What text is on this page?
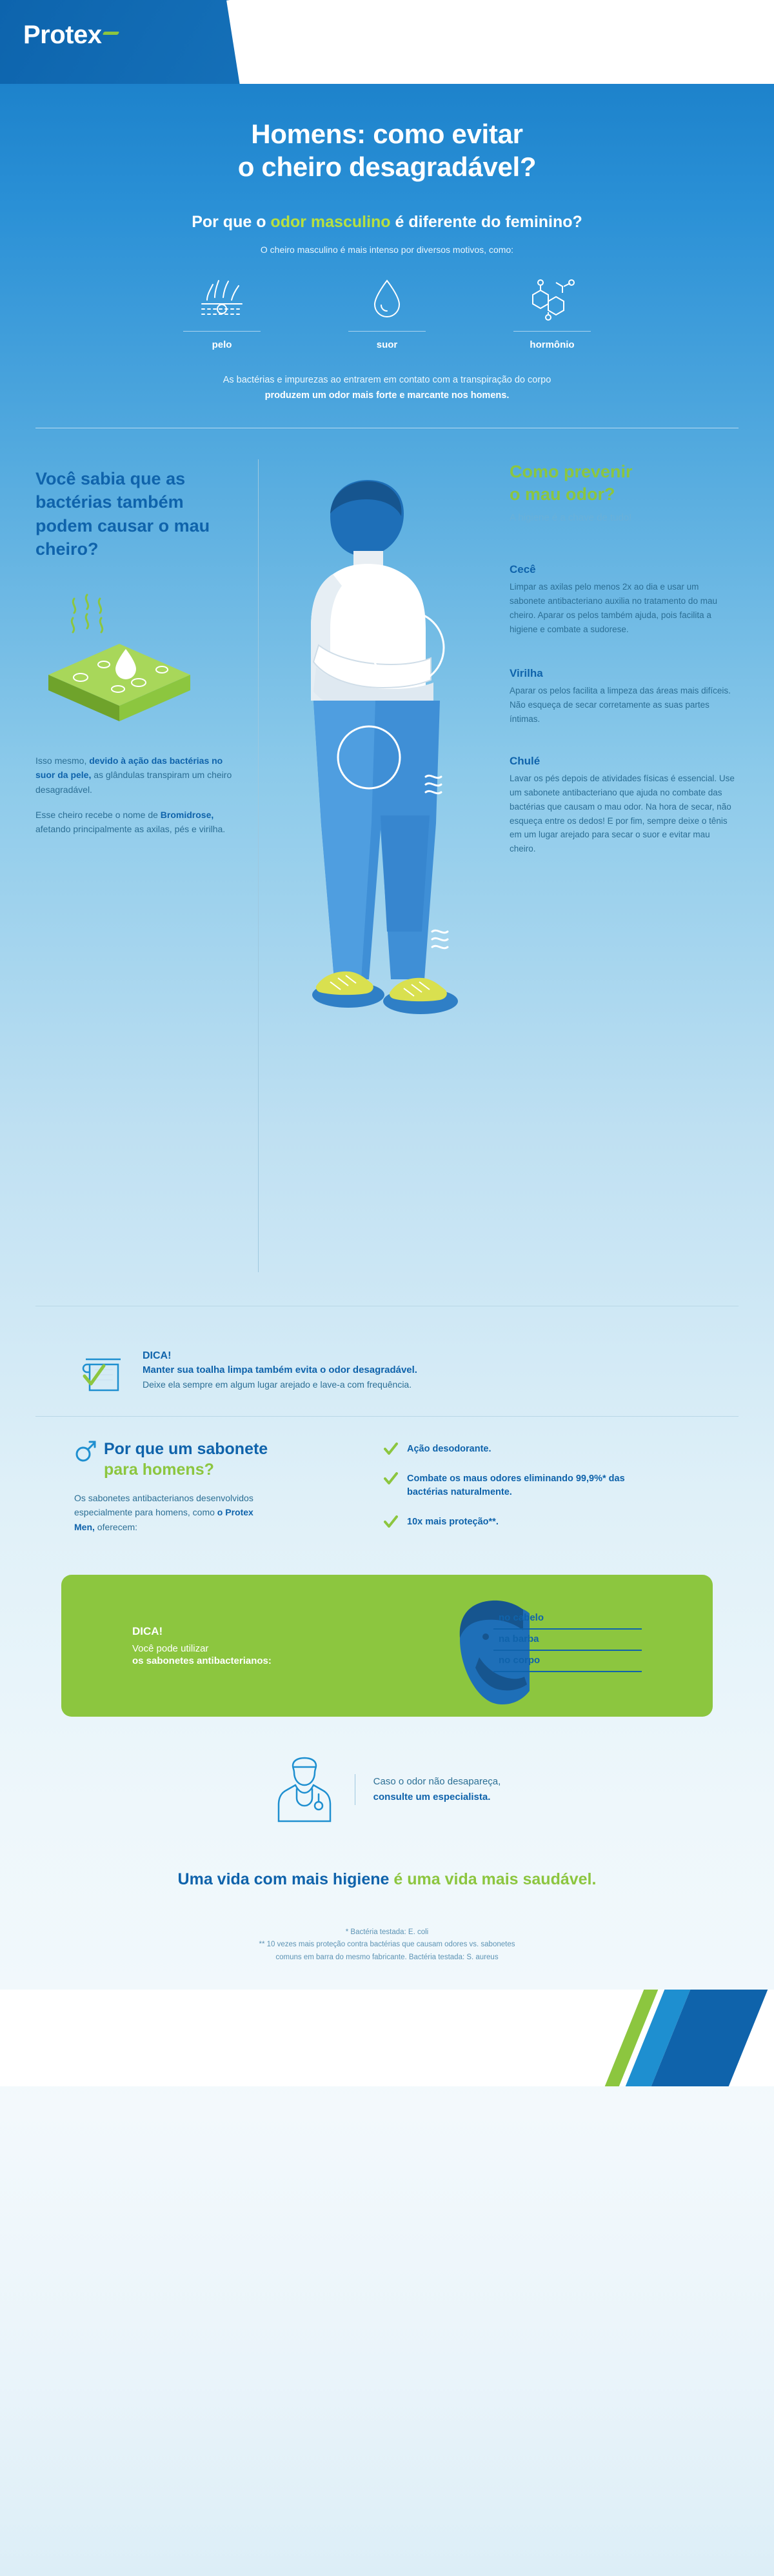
Protex
Homens: como evitar
o cheiro desagradável?
Por que o odor masculino é diferente do feminino?
O cheiro masculino é mais intenso por diversos motivos, como:
pelo	suor	hormônio
As bactérias e impurezas ao entrarem em contato com a transpiração do corpo
produzem um odor mais forte e marcante nos homens.
Você sabia que as bactérias também podem causar o mau cheiro?

Isso mesmo, devido à ação das bactérias no suor da pele, as glândulas transpiram um cheiro desagradável.

Esse cheiro recebe o nome de Bromidrose, afetando principalmente as axilas, pés e virilha.

Como prevenir
o mau odor?
A higiene é a chave de tudo!
Cecê

Limpar as axilas pelo menos 2x ao dia e usar um sabonete antibacteriano auxilia no tratamento do mau cheiro. Aparar os pelos também ajuda, pois facilita a higiene e combate a sudorese.

Virilha

Aparar os pelos facilita a limpeza das áreas mais difíceis. Não esqueça de secar corretamente as suas partes íntimas.

Chulé

Lavar os pés depois de atividades físicas é essencial. Use um sabonete antibacteriano que ajuda no combate das bactérias que causam o mau odor. Na hora de secar, não esqueça entre os dedos! E por fim, sempre deixe o tênis em um lugar arejado para secar o suor e evitar mau cheiro.

DICA!
Manter sua toalha limpa também evita o odor desagradável.
Deixe ela sempre em algum lugar arejado e lave-a com frequência.
Por que um sabonete
para homens?
Os sabonetes antibacterianos desenvolvidos especialmente para homens, como o Protex Men, oferecem:
Ação desodorante.
Combate os maus odores eliminando 99,9%* das bactérias naturalmente.
10x mais proteção**.
DICA!
Você pode utilizar
os sabonetes antibacterianos:
no cabelo
na barba
no corpo
Caso o odor não desapareça,
consulte um especialista.
Uma vida com mais higiene é uma vida mais saudável.
* Bactéria testada: E. coli
** 10 vezes mais proteção contra bactérias que causam odores vs. sabonetes
comuns em barra do mesmo fabricante. Bactéria testada: S. aureus
